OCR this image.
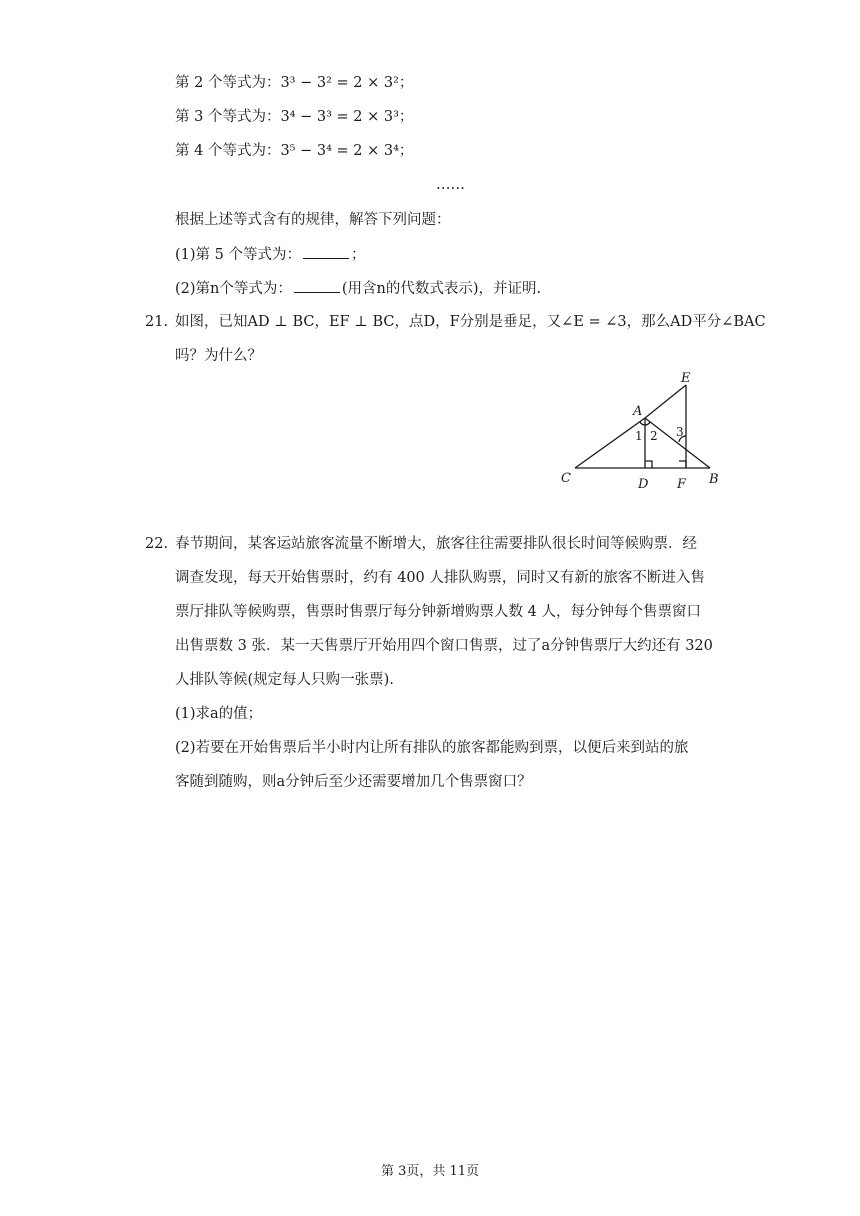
第 2 个等式为：3³ − 3² = 2 × 3²；
第 3 个等式为：3⁴ − 3³ = 2 × 3³；
第 4 个等式为：3⁵ − 3⁴ = 2 × 3⁴；
……
根据上述等式含有的规律，解答下列问题：
(1)第 5 个等式为：	；
(2)第n个等式为：	(用含n的代数式表示)，并证明.
21. 如图，已知AD ⊥ BC，EF ⊥ BC，点D，F分别是垂足，又∠E = ∠3，那么AD平分∠BAC
吗？为什么？
E
A
C	D F B
1 2 3
22. 春节期间，某客运站旅客流量不断增大，旅客往往需要排队很长时间等候购票．经
调查发现，每天开始售票时，约有 400 人排队购票，同时又有新的旅客不断进入售
票厅排队等候购票，售票时售票厅每分钟新增购票人数 4 人，每分钟每个售票窗口
出售票数 3 张．某一天售票厅开始用四个窗口售票，过了a分钟售票厅大约还有 320
人排队等候(规定每人只购一张票)．
(1)求a的值；
(2)若要在开始售票后半小时内让所有排队的旅客都能购到票，以便后来到站的旅
客随到随购，则a分钟后至少还需要增加几个售票窗口？
第 3页，共 11页
